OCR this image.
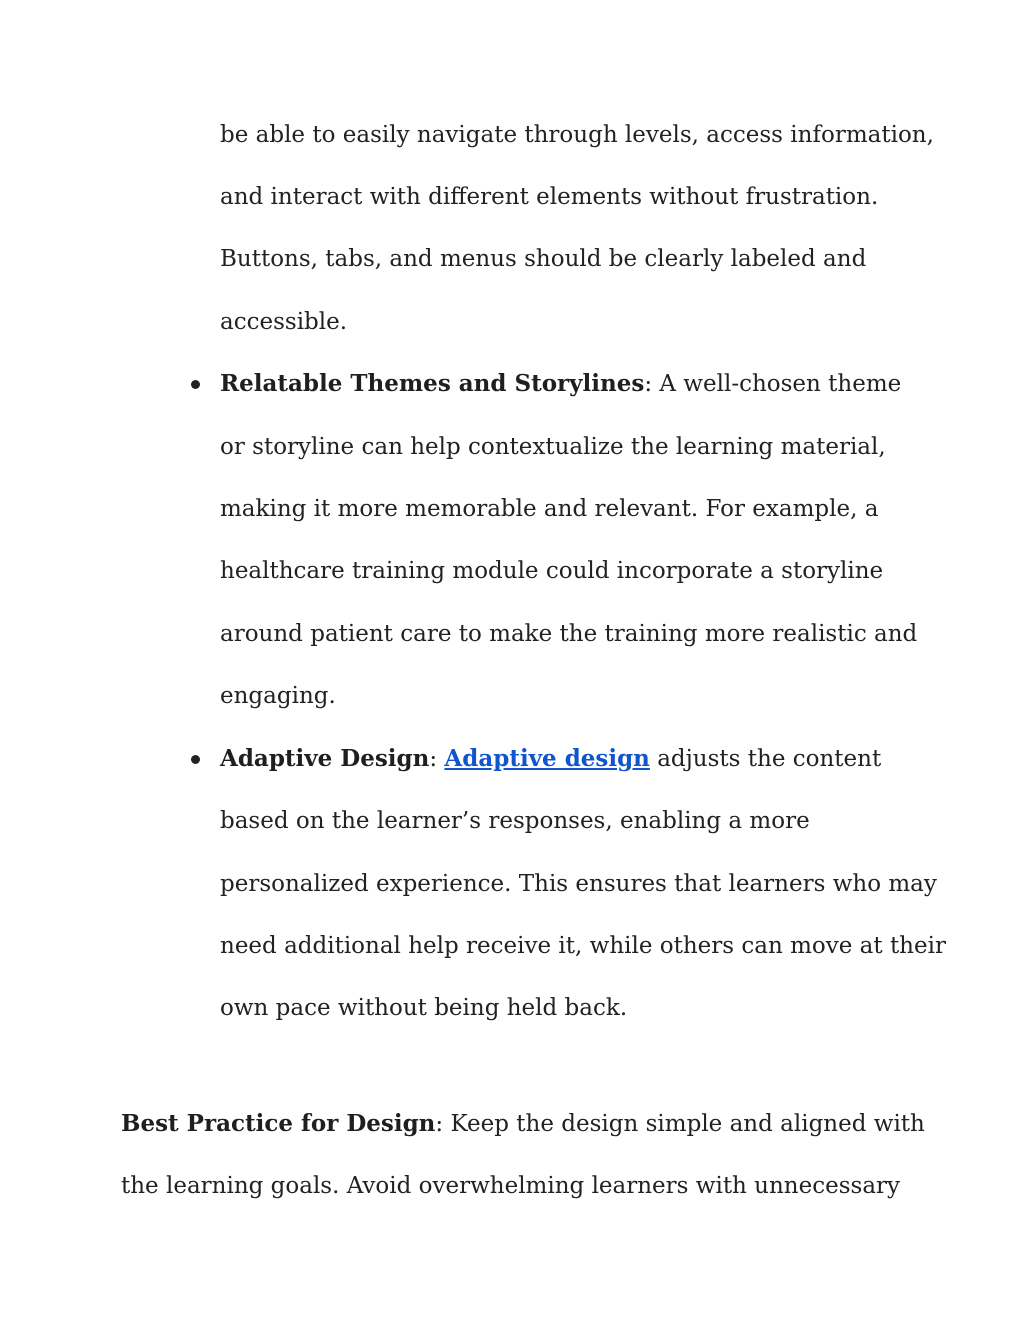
be able to easily navigate through levels, access information,

and interact with different elements without frustration.

Buttons, tabs, and menus should be clearly labeled and

accessible.

Relatable Themes and Storylines: A well-chosen theme

or storyline can help contextualize the learning material,

making it more memorable and relevant. For example, a

healthcare training module could incorporate a storyline

around patient care to make the training more realistic and

engaging.

Adaptive Design: Adaptive design adjusts the content

based on the learner’s responses, enabling a more

personalized experience. This ensures that learners who may

need additional help receive it, while others can move at their

own pace without being held back.

Best Practice for Design: Keep the design simple and aligned with

the learning goals. Avoid overwhelming learners with unnecessary
